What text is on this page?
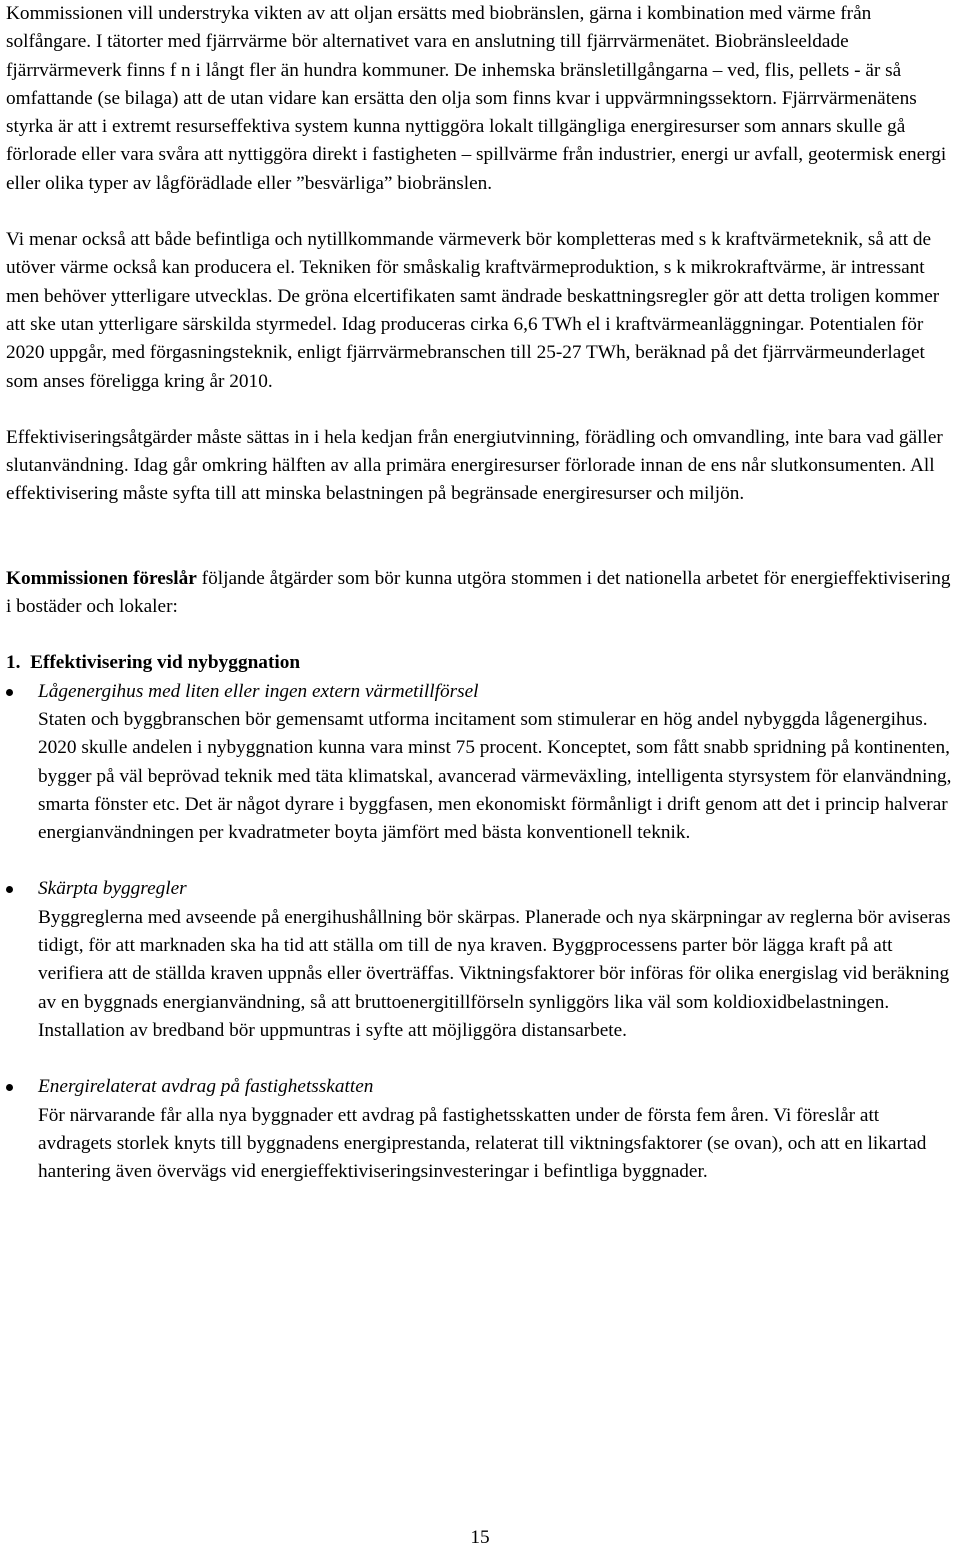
Kommissionen vill understryka vikten av att oljan ersätts med biobränslen, gärna i kombination med värme från solfångare. I tätorter med fjärrvärme bör alternativet vara en anslutning till fjärrvärmenätet. Biobränsleeldade fjärrvärmeverk finns f n i långt fler än hundra kommuner. De inhemska bränsletillgångarna – ved, flis, pellets - är så omfattande (se bilaga) att de utan vidare kan ersätta den olja som finns kvar i uppvärmningssektorn. Fjärrvärmenätens styrka är att i extremt resurseffektiva system kunna nyttiggöra lokalt tillgängliga energiresurser som annars skulle gå förlorade eller vara svåra att nyttiggöra direkt i fastigheten – spillvärme från industrier, energi ur avfall, geotermisk energi eller olika typer av lågförädlade eller ”besvärliga” biobränslen.

Vi menar också att både befintliga och nytillkommande värmeverk bör kompletteras med s k kraftvärmeteknik, så att de utöver värme också kan producera el. Tekniken för småskalig kraftvärmeproduktion, s k mikrokraftvärme, är intressant men behöver ytterligare utvecklas. De gröna elcertifikaten samt ändrade beskattningsregler gör att detta troligen kommer att ske utan ytterligare särskilda styrmedel. Idag produceras cirka 6,6 TWh el i kraftvärmeanläggningar. Potentialen för 2020 uppgår, med förgasningsteknik, enligt fjärrvärmebranschen till 25-27 TWh, beräknad på det fjärrvärmeunderlaget som anses föreligga kring år 2010.

Effektiviseringsåtgärder måste sättas in i hela kedjan från energiutvinning, förädling och omvandling, inte bara vad gäller slutanvändning. Idag går omkring hälften av alla primära energiresurser förlorade innan de ens når slutkonsumenten. All effektivisering måste syfta till att minska belastningen på begränsade energiresurser och miljön.

Kommissionen föreslår följande åtgärder som bör kunna utgöra stommen i det nationella arbetet för energieffektivisering i bostäder och lokaler:

1. Effektivisering vid nybyggnation

Lågenergihus med liten eller ingen extern värmetillförsel
Staten och byggbranschen bör gemensamt utforma incitament som stimulerar en hög andel nybyggda lågenergihus. 2020 skulle andelen i nybyggnation kunna vara minst 75 procent. Konceptet, som fått snabb spridning på kontinenten, bygger på väl beprövad teknik med täta klimatskal, avancerad värmeväxling, intelligenta styrsystem för elanvändning, smarta fönster etc. Det är något dyrare i byggfasen, men ekonomiskt förmånligt i drift genom att det i princip halverar energianvändningen per kvadratmeter boyta jämfört med bästa konventionell teknik.
Skärpta byggregler
Byggreglerna med avseende på energihushållning bör skärpas. Planerade och nya skärpningar av reglerna bör aviseras tidigt, för att marknaden ska ha tid att ställa om till de nya kraven. Byggprocessens parter bör lägga kraft på att verifiera att de ställda kraven uppnås eller överträffas. Viktningsfaktorer bör införas för olika energislag vid beräkning av en byggnads energianvändning, så att bruttoenergitillförseln synliggörs lika väl som koldioxidbelastningen. Installation av bredband bör uppmuntras i syfte att möjliggöra distansarbete.
Energirelaterat avdrag på fastighetsskatten
För närvarande får alla nya byggnader ett avdrag på fastighetsskatten under de första fem åren. Vi föreslår att avdragets storlek knyts till byggnadens energiprestanda, relaterat till viktningsfaktorer (se ovan), och att en likartad hantering även övervägs vid energieffektiviseringsinvesteringar i befintliga byggnader.
15
